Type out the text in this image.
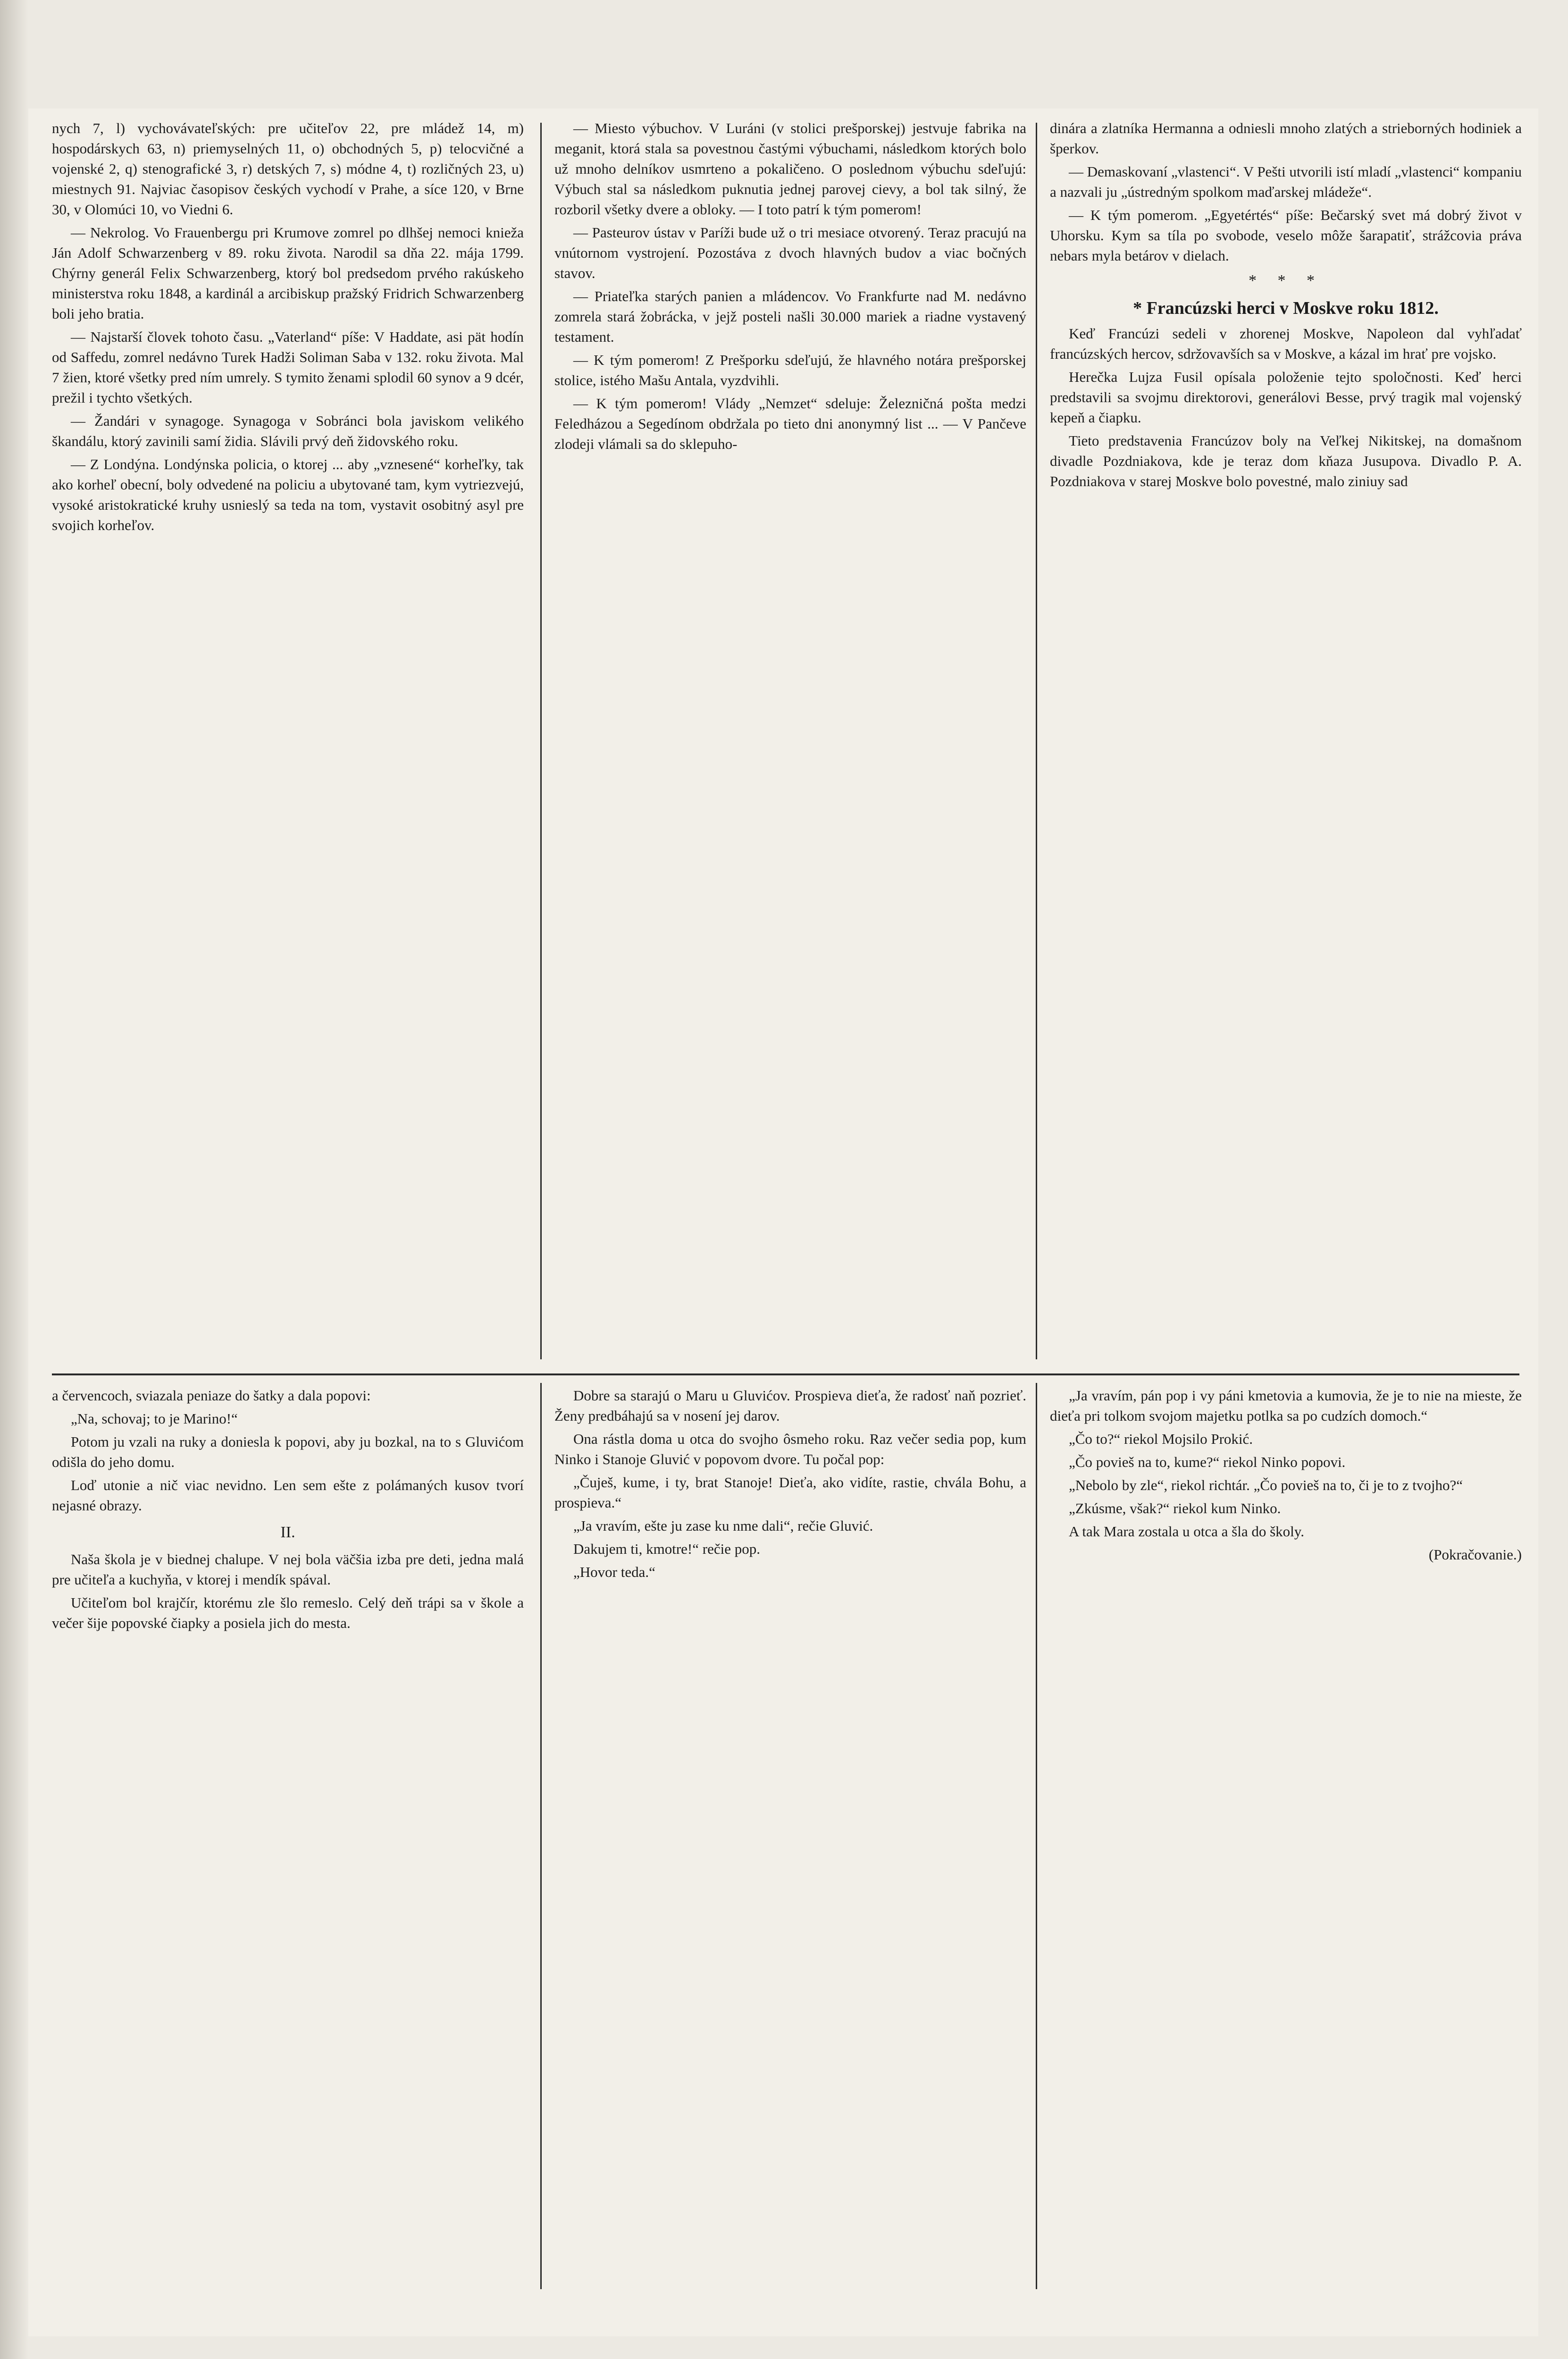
nych 7, l) vychovávateľských: pre učiteľov 22, pre mládež 14, m) hospodárskych 63, n) priemyselných 11, o) obchodných 5, p) telocvičné a vojenské 2, q) stenografické 3, r) detských 7, s) módne 4, t) rozličných 23, u) miestnych 91. Najviac časopisov českých vychodí v Prahe, a síce 120, v Brne 30, v Olomúci 10, vo Viedni 6.

— Nekrolog. Vo Frauenbergu pri Krumove zomrel po dlhšej nemoci knieža Ján Adolf Schwarzenberg v 89. roku života. Narodil sa dňa 22. mája 1799. Chýrny generál Felix Schwarzenberg, ktorý bol predsedom prvého rakúskeho ministerstva roku 1848, a kardinál a arcibiskup pražský Fridrich Schwarzenberg boli jeho bratia.

— Najstarší človek tohoto času. „Vaterland“ píše: V Haddate, asi pät hodín od Saffedu, zomrel nedávno Turek Hadži Soliman Saba v 132. roku života. Mal 7 žien, ktoré všetky pred ním umrely. S tymito ženami splodil 60 synov a 9 dcér, prežil i tychto všetkých.

— Žandári v synagoge. Synagoga v Sobránci bola javiskom velikého škandálu, ktorý zavinili samí židia. Slávili prvý deň židovského roku.

— Z Londýna. Londýnska policia, o ktorej ... aby „vznesené“ korheľky, tak ako korheľ obecní, boly odvedené na policiu a ubytované tam, kym vytriezvejú, vysoké aristokratické kruhy usnieslý sa teda na tom, vystavit osobitný asyl pre svojich korheľov.

— Miesto výbuchov. V Luráni (v stolici prešporskej) jestvuje fabrika na meganit, ktorá stala sa povestnou častými výbuchami, následkom ktorých bolo už mnoho delníkov usmrteno a pokaličeno. O poslednom výbuchu sdeľujú: Výbuch stal sa následkom puknutia jednej parovej cievy, a bol tak silný, že rozboril všetky dvere a obloky. — I toto patrí k tým pomerom!

— Pasteurov ústav v Paríži bude už o tri mesiace otvorený. Teraz pracujú na vnútornom vystrojení. Pozostáva z dvoch hlavných budov a viac bočných stavov.

— Priateľka starých panien a mládencov. Vo Frankfurte nad M. nedávno zomrela stará žobrácka, v jejž posteli našli 30.000 mariek a riadne vystavený testament.

— K tým pomerom! Z Prešporku sdeľujú, že hlavného notára prešporskej stolice, istého Mašu Antala, vyzdvihli.

— K tým pomerom! Vlády „Nemzet“ sdeluje: Železničná pošta medzi Feledházou a Segedínom obdržala po tieto dni anonymný list ... — V Pančeve zlodeji vlámali sa do sklepuho-

dinára a zlatníka Hermanna a odniesli mnoho zlatých a strieborných hodiniek a šperkov.

— Demaskovaní „vlastenci“. V Pešti utvorili istí mladí „vlastenci“ kompaniu a nazvali ju „ústredným spolkom maďarskej mládeže“.

— K tým pomerom. „Egyetértés“ píše: Bečarský svet má dobrý život v Uhorsku. Kym sa tíla po svobode, veselo môže šarapatiť, strážcovia práva nebars myla betárov v dielach.

* * *
* Francúzski herci v Moskve roku 1812.

Keď Francúzi sedeli v zhorenej Moskve, Napoleon dal vyhľadať francúzských hercov, sdržovavších sa v Moskve, a kázal im hrať pre vojsko.

Herečka Lujza Fusil opísala položenie tejto spoločnosti. Keď herci predstavili sa svojmu direktorovi, generálovi Besse, prvý tragik mal vojenský kepeň a čiapku.

Tieto predstavenia Francúzov boly na Veľkej Nikitskej, na domašnom divadle Pozdniakova, kde je teraz dom kňaza Jusupova. Divadlo P. A. Pozdniakova v starej Moskve bolo povestné, malo ziniuy sad

a červencoch, sviazala peniaze do šatky a dala popovi:

„Na, schovaj; to je Marino!“

Potom ju vzali na ruky a doniesla k popovi, aby ju bozkal, na to s Gluvićom odišla do jeho domu.

Loď utonie a nič viac nevidno. Len sem ešte z polámaných kusov tvorí nejasné obrazy.

II.

Naša škola je v biednej chalupe. V nej bola väčšia izba pre deti, jedna malá pre učiteľa a kuchyňa, v ktorej i mendík spával.

Učiteľom bol krajčír, ktorému zle šlo remeslo. Celý deň trápi sa v škole a večer šije popovské čiapky a posiela jich do mesta.

Dobre sa starajú o Maru u Gluvićov. Prospieva dieťa, že radosť naň pozrieť. Ženy predbáhajú sa v nosení jej darov.

Ona rástla doma u otca do svojho ôsmeho roku. Raz večer sedia pop, kum Ninko i Stanoje Gluvić v popovom dvore. Tu počal pop:

„Čuješ, kume, i ty, brat Stanoje! Dieťa, ako vidíte, rastie, chvála Bohu, a prospieva.“

„Ja vravím, ešte ju zase ku nme dali“, rečie Gluvić.

Dakujem ti, kmotre!“ rečie pop.

„Hovor teda.“

„Ja vravím, pán pop i vy páni kmetovia a kumovia, že je to nie na mieste, že dieťa pri tolkom svojom majetku potlka sa po cudzích domoch.“

„Čo to?“ riekol Mojsilo Prokić.

„Čo povieš na to, kume?“ riekol Ninko popovi.

„Nebolo by zle“, riekol richtár. „Čo povieš na to, či je to z tvojho?“

„Zkúsme, však?“ riekol kum Ninko.

A tak Mara zostala u otca a šla do školy.

(Pokračovanie.)
